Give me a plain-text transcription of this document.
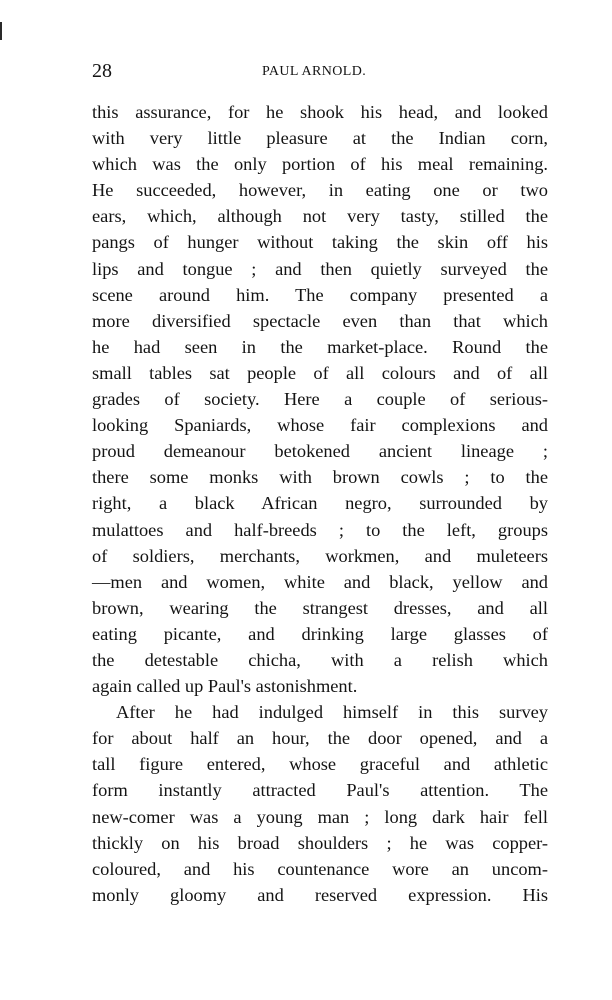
28	PAUL ARNOLD.
this assurance, for he shook his head, and looked
with very little pleasure at the Indian corn,
which was the only portion of his meal remaining.
He succeeded, however, in eating one or two
ears, which, although not very tasty, stilled the
pangs of hunger without taking the skin off his
lips and tongue ; and then quietly surveyed the
scene around him. The company presented a
more diversified spectacle even than that which
he had seen in the market-place. Round the
small tables sat people of all colours and of all
grades of society. Here a couple of serious-
looking Spaniards, whose fair complexions and
proud demeanour betokened ancient lineage ;
there some monks with brown cowls ; to the
right, a black African negro, surrounded by
mulattoes and half-breeds ; to the left, groups
of soldiers, merchants, workmen, and muleteers
—men and women, white and black, yellow and
brown, wearing the strangest dresses, and all
eating picante, and drinking large glasses of
the detestable chicha, with a relish which
again called up Paul's astonishment.
After he had indulged himself in this survey
for about half an hour, the door opened, and a
tall figure entered, whose graceful and athletic
form instantly attracted Paul's attention. The
new-comer was a young man ; long dark hair fell
thickly on his broad shoulders ; he was copper-
coloured, and his countenance wore an uncom-
monly gloomy and reserved expression. His
